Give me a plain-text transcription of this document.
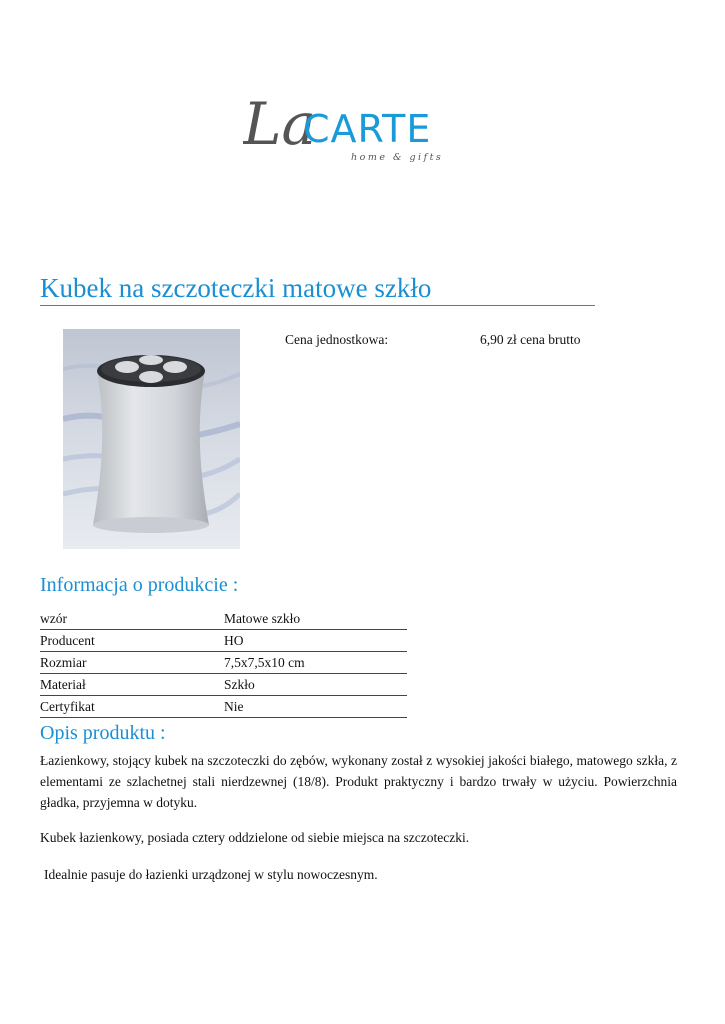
La
CARTE
home & gifts
Kubek na szczoteczki matowe szkło
Cena jednostkowa:	6,90 zł cena brutto
Informacja o produkcie :
wzór	Matowe szkło
Producent	HO
Rozmiar	7,5x7,5x10 cm
Materiał	Szkło
Certyfikat	Nie
Opis produktu :

Łazienkowy, stojący kubek na szczoteczki do zębów, wykonany został z wysokiej jakości białego, matowego szkła, z elementami ze szlachetnej stali nierdzewnej (18/8). Produkt praktyczny i bardzo trwały w użyciu. Powierzchnia gładka, przyjemna w dotyku.

Kubek łazienkowy, posiada cztery oddzielone od siebie miejsca na szczoteczki.

Idealnie pasuje do łazienki urządzonej w stylu nowoczesnym.
